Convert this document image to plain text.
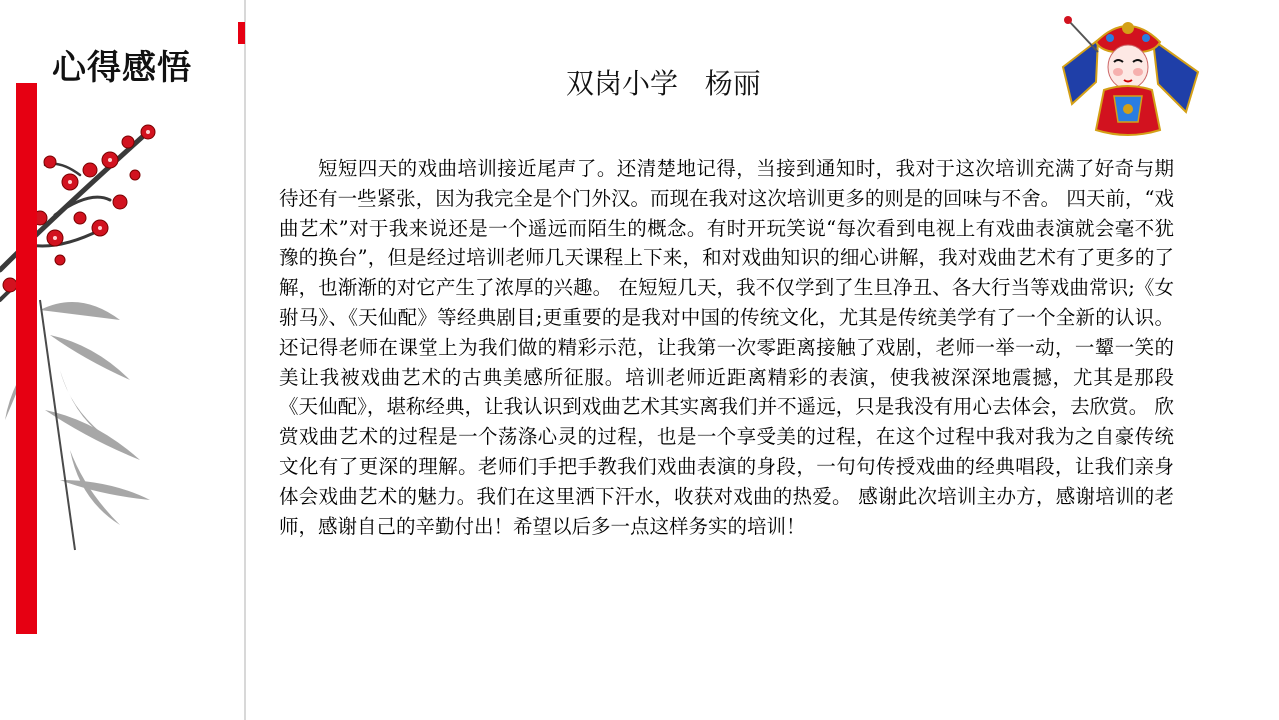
心得感悟	双岗小学   杨丽

短短四天的戏曲培训接近尾声了。还清楚地记得，当接到通知时，我对于这次培训充满了好奇与期待还有一些紧张，因为我完全是个门外汉。而现在我对这次培训更多的则是的回味与不舍。 四天前，“戏曲艺术”对于我来说还是一个遥远而陌生的概念。有时开玩笑说“每次看到电视上有戏曲表演就会毫不犹豫的换台”，但是经过培训老师几天课程上下来，和对戏曲知识的细心讲解，我对戏曲艺术有了更多的了解，也渐渐的对它产生了浓厚的兴趣。 在短短几天，我不仅学到了生旦净丑、各大行当等戏曲常识;《女驸马》、《天仙配》等经典剧目;更重要的是我对中国的传统文化，尤其是传统美学有了一个全新的认识。 还记得老师在课堂上为我们做的精彩示范，让我第一次零距离接触了戏剧，老师一举一动，一颦一笑的美让我被戏曲艺术的古典美感所征服。培训老师近距离精彩的表演，使我被深深地震撼，尤其是那段《天仙配》，堪称经典，让我认识到戏曲艺术其实离我们并不遥远，只是我没有用心去体会，去欣赏。 欣赏戏曲艺术的过程是一个荡涤心灵的过程，也是一个享受美的过程，在这个过程中我对我为之自豪传统文化有了更深的理解。老师们手把手教我们戏曲表演的身段，一句句传授戏曲的经典唱段，让我们亲身体会戏曲艺术的魅力。我们在这里洒下汗水，收获对戏曲的热爱。 感谢此次培训主办方，感谢培训的老师，感谢自己的辛勤付出！希望以后多一点这样务实的培训！
